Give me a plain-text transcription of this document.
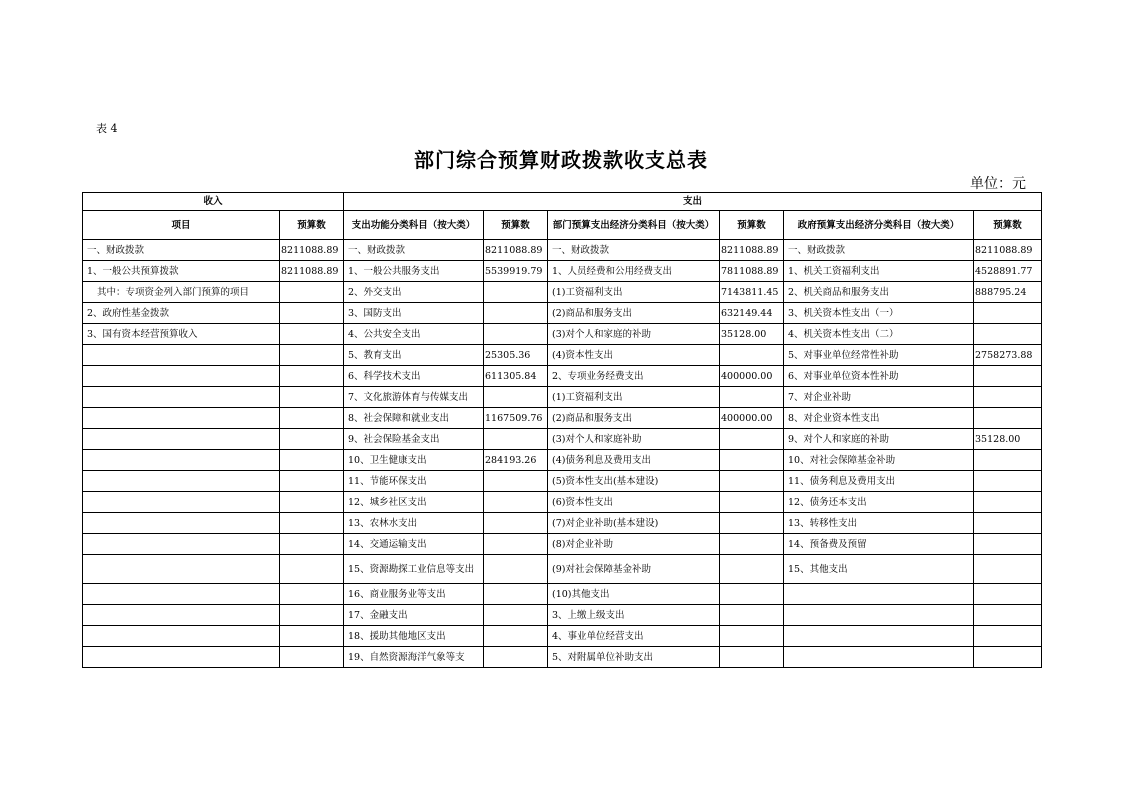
表 4
部门综合预算财政拨款收支总表
单位：元
收入		支出					
项目	预算数	支出功能分类科目（按大类）	预算数	部门预算支出经济分类科目（按大类）	预算数	政府预算支出经济分类科目（按大类）	预算数
一、财政拨款	8211088.89	一、财政拨款	8211088.89	一、财政拨款	8211088.89	一、财政拨款	8211088.89
1、一般公共预算拨款	8211088.89	1、一般公共服务支出	5539919.79	1、人员经费和公用经费支出	7811088.89	1、机关工资福利支出	4528891.77
其中：专项资金列入部门预算的项目		2、外交支出		(1)工资福利支出	7143811.45	2、机关商品和服务支出	888795.24
2、政府性基金拨款		3、国防支出		(2)商品和服务支出	632149.44	3、机关资本性支出（一）	
3、国有资本经营预算收入		4、公共安全支出		(3)对个人和家庭的补助	35128.00	4、机关资本性支出（二）	
		5、教育支出	25305.36	(4)资本性支出		5、对事业单位经常性补助	2758273.88
		6、科学技术支出	611305.84	2、专项业务经费支出	400000.00	6、对事业单位资本性补助	
		7、文化旅游体育与传媒支出		(1)工资福利支出		7、对企业补助	
		8、社会保障和就业支出	1167509.76	(2)商品和服务支出	400000.00	8、对企业资本性支出	
		9、社会保险基金支出		(3)对个人和家庭补助		9、对个人和家庭的补助	35128.00
		10、卫生健康支出	284193.26	(4)债务利息及费用支出		10、对社会保障基金补助	
		11、节能环保支出		(5)资本性支出(基本建设)		11、债务利息及费用支出	
		12、城乡社区支出		(6)资本性支出		12、债务还本支出	
		13、农林水支出		(7)对企业补助(基本建设)		13、转移性支出	
		14、交通运输支出		(8)对企业补助		14、预备费及预留	
		15、资源勘探工业信息等支出		(9)对社会保障基金补助		15、其他支出	
		16、商业服务业等支出		(10)其他支出			
		17、金融支出		3、上缴上级支出			
		18、援助其他地区支出		4、事业单位经营支出			
		19、自然资源海洋气象等支		5、对附属单位补助支出			
